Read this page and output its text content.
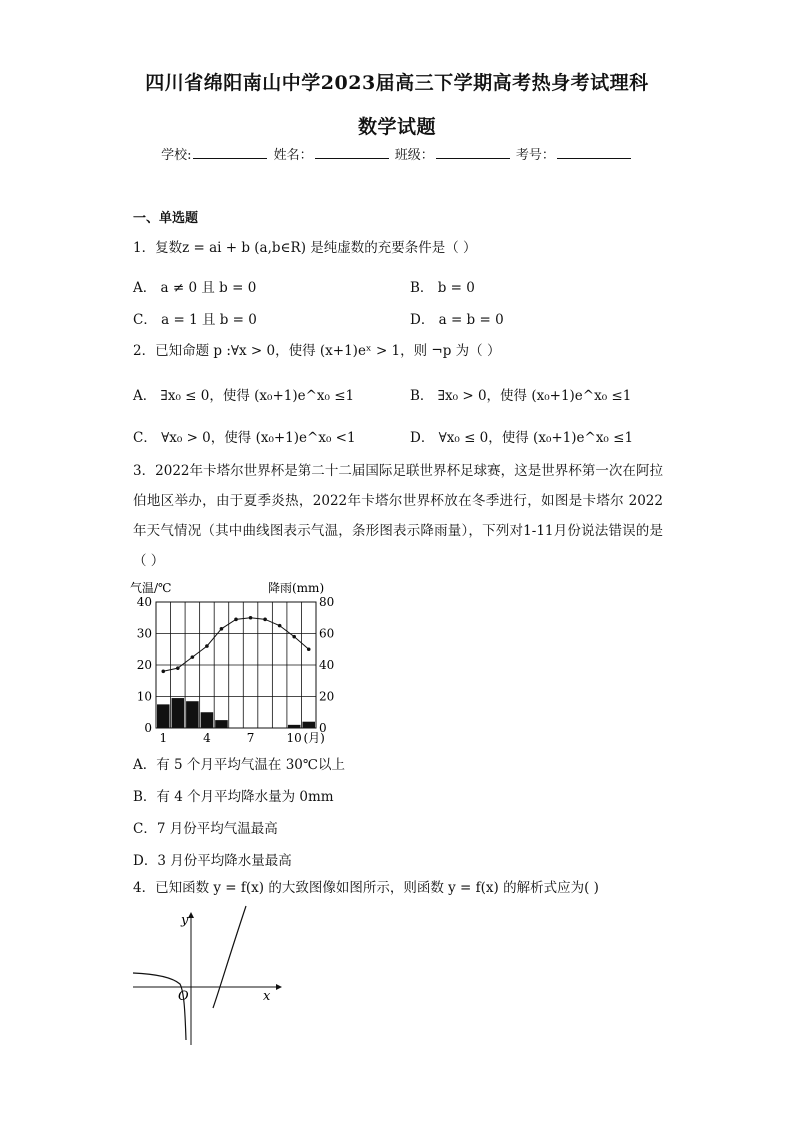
四川省绵阳南山中学2023届高三下学期高考热身考试理科
数学试题
学校:	姓名：	班级：	考号：
一、单选题
1．复数z = ai + b (a,b∈R) 是纯虚数的充要条件是（ ）
A． a ≠ 0 且 b = 0	B． b = 0
C． a = 1 且 b = 0	D． a = b = 0
2．已知命题 p :∀x > 0，使得 (x+1)eˣ > 1，则 ¬p 为（ ）
A． ∃x₀ ≤ 0，使得 (x₀+1)e^x₀ ≤1	B． ∃x₀ > 0，使得 (x₀+1)e^x₀ ≤1
C． ∀x₀ > 0，使得 (x₀+1)e^x₀ <1	D． ∀x₀ ≤ 0，使得 (x₀+1)e^x₀ ≤1
3．2022年卡塔尔世界杯是第二十二届国际足联世界杯足球赛，这是世界杯第一次在阿拉伯地区举办，由于夏季炎热，2022年卡塔尔世界杯放在冬季进行，如图是卡塔尔 2022年天气情况（其中曲线图表示气温，条形图表示降雨量），下列对1-11月份说法错误的是（ ）
气温/℃	降雨(mm)
0
10
20
30
40
0
20
40
60
80
1	4	7	10 (月)
A．有 5 个月平均气温在 30℃以上
B．有 4 个月平均降水量为 0mm
C．7 月份平均气温最高
D．3 月份平均降水量最高
4．已知函数 y = f(x) 的大致图像如图所示，则函数 y = f(x) 的解析式应为( )
y
x
O
